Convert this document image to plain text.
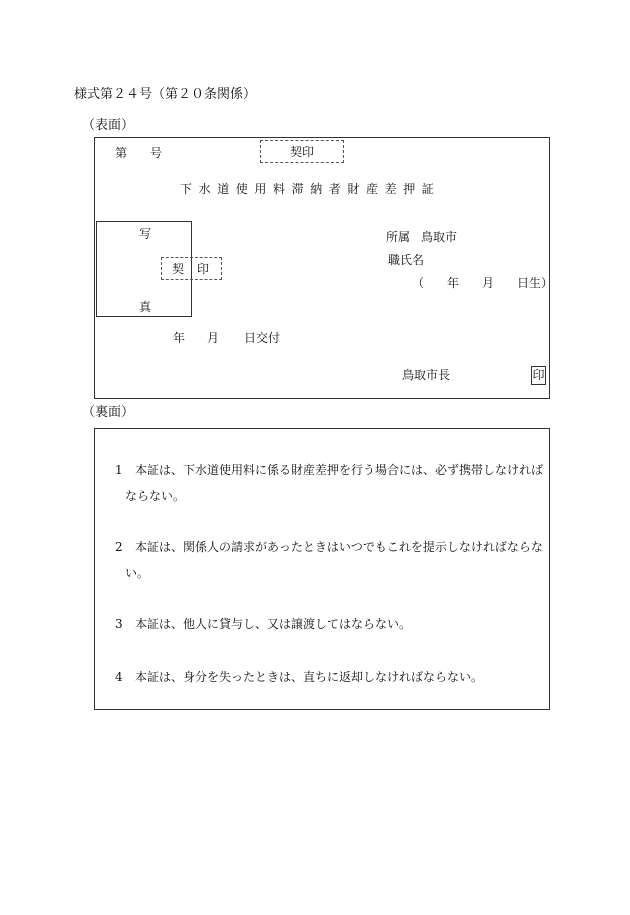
様式第２４号（第２０条関係）
（表面）
第 号	契印
下水道使用料滞納者財産差押証
写
真
契 印
所属 鳥取市
職氏名
（ 年 月 日生）
年 月 日交付
鳥取市長	印
（裏面）
1	本証は、下水道使用料に係る財産差押を行う場合には、必ず携帯しなければならない。
2	本証は、関係人の請求があったときはいつでもこれを提示しなければならない。
3	本証は、他人に貸与し、又は譲渡してはならない。
4	本証は、身分を失ったときは、直ちに返却しなければならない。
